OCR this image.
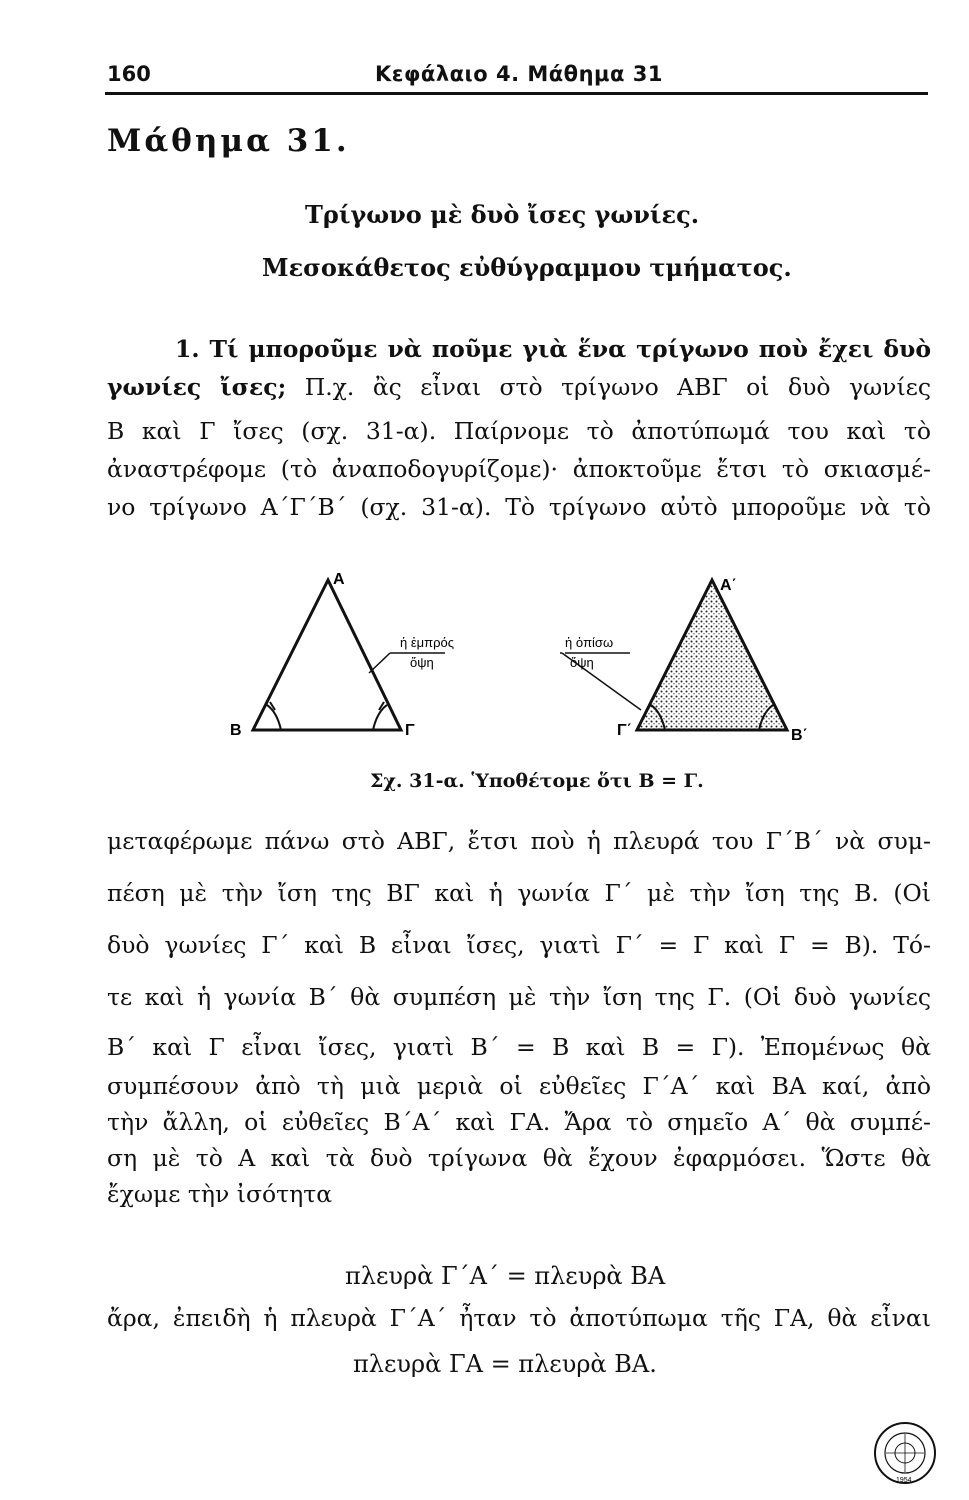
160	Κεφάλαιο 4. Μάθημα 31
Μάθημα 31.
Τρίγωνο μὲ δυὸ ἴσες γωνίες.
Μεσοκάθετος εὐθύγραμμου τμήματος.
1. Τί μποροῦμε νὰ ποῦμε γιὰ ἕνα τρίγωνο ποὺ ἔχει δυὸ
γωνίες ἴσες; Π.χ. ἂς εἶναι στὸ τρίγωνο ΑΒΓ οἱ δυὸ γωνίες
B καὶ Γ ἴσες (σχ. 31-α). Παίρνομε τὸ ἀποτύπωμά του καὶ τὸ
ἀναστρέφομε (τὸ ἀναποδογυρίζομε)· ἀποκτοῦμε ἔτσι τὸ σκιασμέ-
νο τρίγωνο Α΄Γ΄Β΄ (σχ. 31-α). Τὸ τρίγωνο αὐτὸ μποροῦμε νὰ τὸ
A
B	Γ
ἡ ἐμπρός
ὄψη
A΄
Γ΄	B΄
ἡ ὀπίσω
ὄψη
Σχ. 31-α. Ὑποθέτομε ὅτι B = Γ.
μεταφέρωμε πάνω στὸ ΑΒΓ, ἔτσι ποὺ ἡ πλευρά του Γ΄Β΄ νὰ συμ-
πέση μὲ τὴν ἴση της ΒΓ καὶ ἡ γωνία Γ΄ μὲ τὴν ἴση της Β. (Οἱ
δυὸ γωνίες Γ΄ καὶ Β εἶναι ἴσες, γιατὶ Γ΄ = Γ καὶ Γ = Β). Τό-
τε καὶ ἡ γωνία Β΄ θὰ συμπέση μὲ τὴν ἴση της Γ. (Οἱ δυὸ γωνίες
Β΄ καὶ Γ εἶναι ἴσες, γιατὶ Β΄ = Β καὶ Β = Γ). Ἐπομένως θὰ
συμπέσουν ἀπὸ τὴ μιὰ μεριὰ οἱ εὐθεῖες Γ΄Α΄ καὶ ΒΑ καί, ἀπὸ
τὴν ἄλλη, οἱ εὐθεῖες Β΄Α΄ καὶ ΓΑ. Ἄρα τὸ σημεῖο Α΄ θὰ συμπέ-
ση μὲ τὸ Α καὶ τὰ δυὸ τρίγωνα θὰ ἔχουν ἐφαρμόσει. Ὥστε θὰ
ἔχωμε τὴν ἰσότητα
πλευρὰ Γ΄Α΄ = πλευρὰ ΒΑ
ἄρα, ἐπειδὴ ἡ πλευρὰ Γ΄Α΄ ἦταν τὸ ἀποτύπωμα τῆς ΓΑ, θὰ εἶναι
πλευρὰ ΓΑ = πλευρὰ ΒΑ.
1954
